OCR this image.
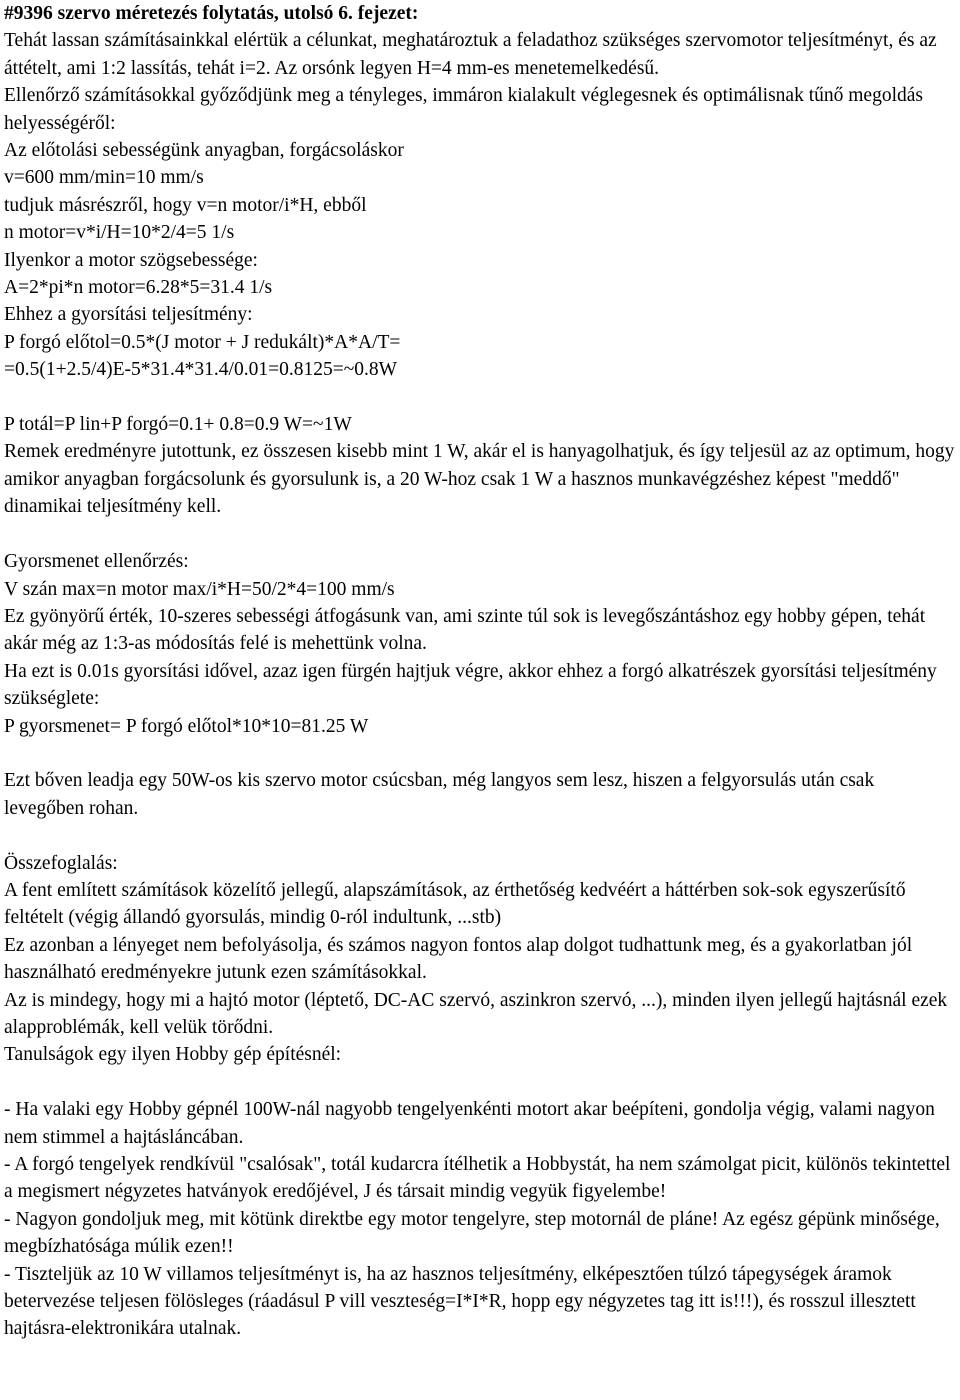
#9396 szervo méretezés folytatás, utolsó 6. fejezet:
Tehát lassan számításainkkal elértük a célunkat, meghatároztuk a feladathoz szükséges szervomotor teljesítményt, és az áttételt, ami 1:2 lassítás, tehát i=2. Az orsónk legyen H=4 mm-es menetemelkedésű.
Ellenőrző számításokkal győződjünk meg a tényleges, immáron kialakult véglegesnek és optimálisnak tűnő megoldás helyességéről:
Az előtolási sebességünk anyagban, forgácsoláskor
v=600 mm/min=10 mm/s
tudjuk másrészről, hogy v=n motor/i*H, ebből
n motor=v*i/H=10*2/4=5 1/s
Ilyenkor a motor szögsebessége:
A=2*pi*n motor=6.28*5=31.4 1/s
Ehhez a gyorsítási teljesítmény:
P forgó előtol=0.5*(J motor + J redukált)*A*A/T=
=0.5(1+2.5/4)E-5*31.4*31.4/0.01=0.8125=~0.8W
P totál=P lin+P forgó=0.1+ 0.8=0.9 W=~1W
Remek eredményre jutottunk, ez összesen kisebb mint 1 W, akár el is hanyagolhatjuk, és így teljesül az az optimum, hogy amikor anyagban forgácsolunk és gyorsulunk is, a 20 W-hoz csak 1 W a hasznos munkavégzéshez képest "meddő" dinamikai teljesítmény kell.
Gyorsmenet ellenőrzés:
V szán max=n motor max/i*H=50/2*4=100 mm/s
Ez gyönyörű érték, 10-szeres sebességi átfogásunk van, ami szinte túl sok is levegőszántáshoz egy hobby gépen, tehát akár még az 1:3-as módosítás felé is mehettünk volna.
Ha ezt is 0.01s gyorsítási idővel, azaz igen fürgén hajtjuk végre, akkor ehhez a forgó alkatrészek gyorsítási teljesítmény szükséglete:
P gyorsmenet= P forgó előtol*10*10=81.25 W
Ezt bőven leadja egy 50W-os kis szervo motor csúcsban, még langyos sem lesz, hiszen a felgyorsulás után csak levegőben rohan.
Összefoglalás:
A fent említett számítások közelítő jellegű, alapszámítások, az érthetőség kedvéért a háttérben sok-sok egyszerűsítő feltételt (végig állandó gyorsulás, mindig 0-ról indultunk, ...stb)
Ez azonban a lényeget nem befolyásolja, és számos nagyon fontos alap dolgot tudhattunk meg, és a gyakorlatban jól használható eredményekre jutunk ezen számításokkal.
Az is mindegy, hogy mi a hajtó motor (léptető, DC-AC szervó, aszinkron szervó, ...), minden ilyen jellegű hajtásnál ezek alapproblémák, kell velük törődni.
Tanulságok egy ilyen Hobby gép építésnél:
- Ha valaki egy Hobby gépnél 100W-nál nagyobb tengelyenkénti motort akar beépíteni, gondolja végig, valami nagyon nem stimmel a hajtásláncában.
- A forgó tengelyek rendkívül "csalósak", totál kudarcra ítélhetik a Hobbystát, ha nem számolgat picit, különös tekintettel a megismert négyzetes hatványok eredőjével, J és társait mindig vegyük figyelembe!
- Nagyon gondoljuk meg, mit kötünk direktbe egy motor tengelyre, step motornál de pláne! Az egész gépünk minősége, megbízhatósága múlik ezen!!
- Tiszteljük az 10 W villamos teljesítményt is, ha az hasznos teljesítmény, elképesztően túlzó tápegységek áramok betervezése teljesen fölösleges (ráadásul P vill veszteség=I*I*R, hopp egy négyzetes tag itt is!!!), és rosszul illesztett hajtásra-elektronikára utalnak.
